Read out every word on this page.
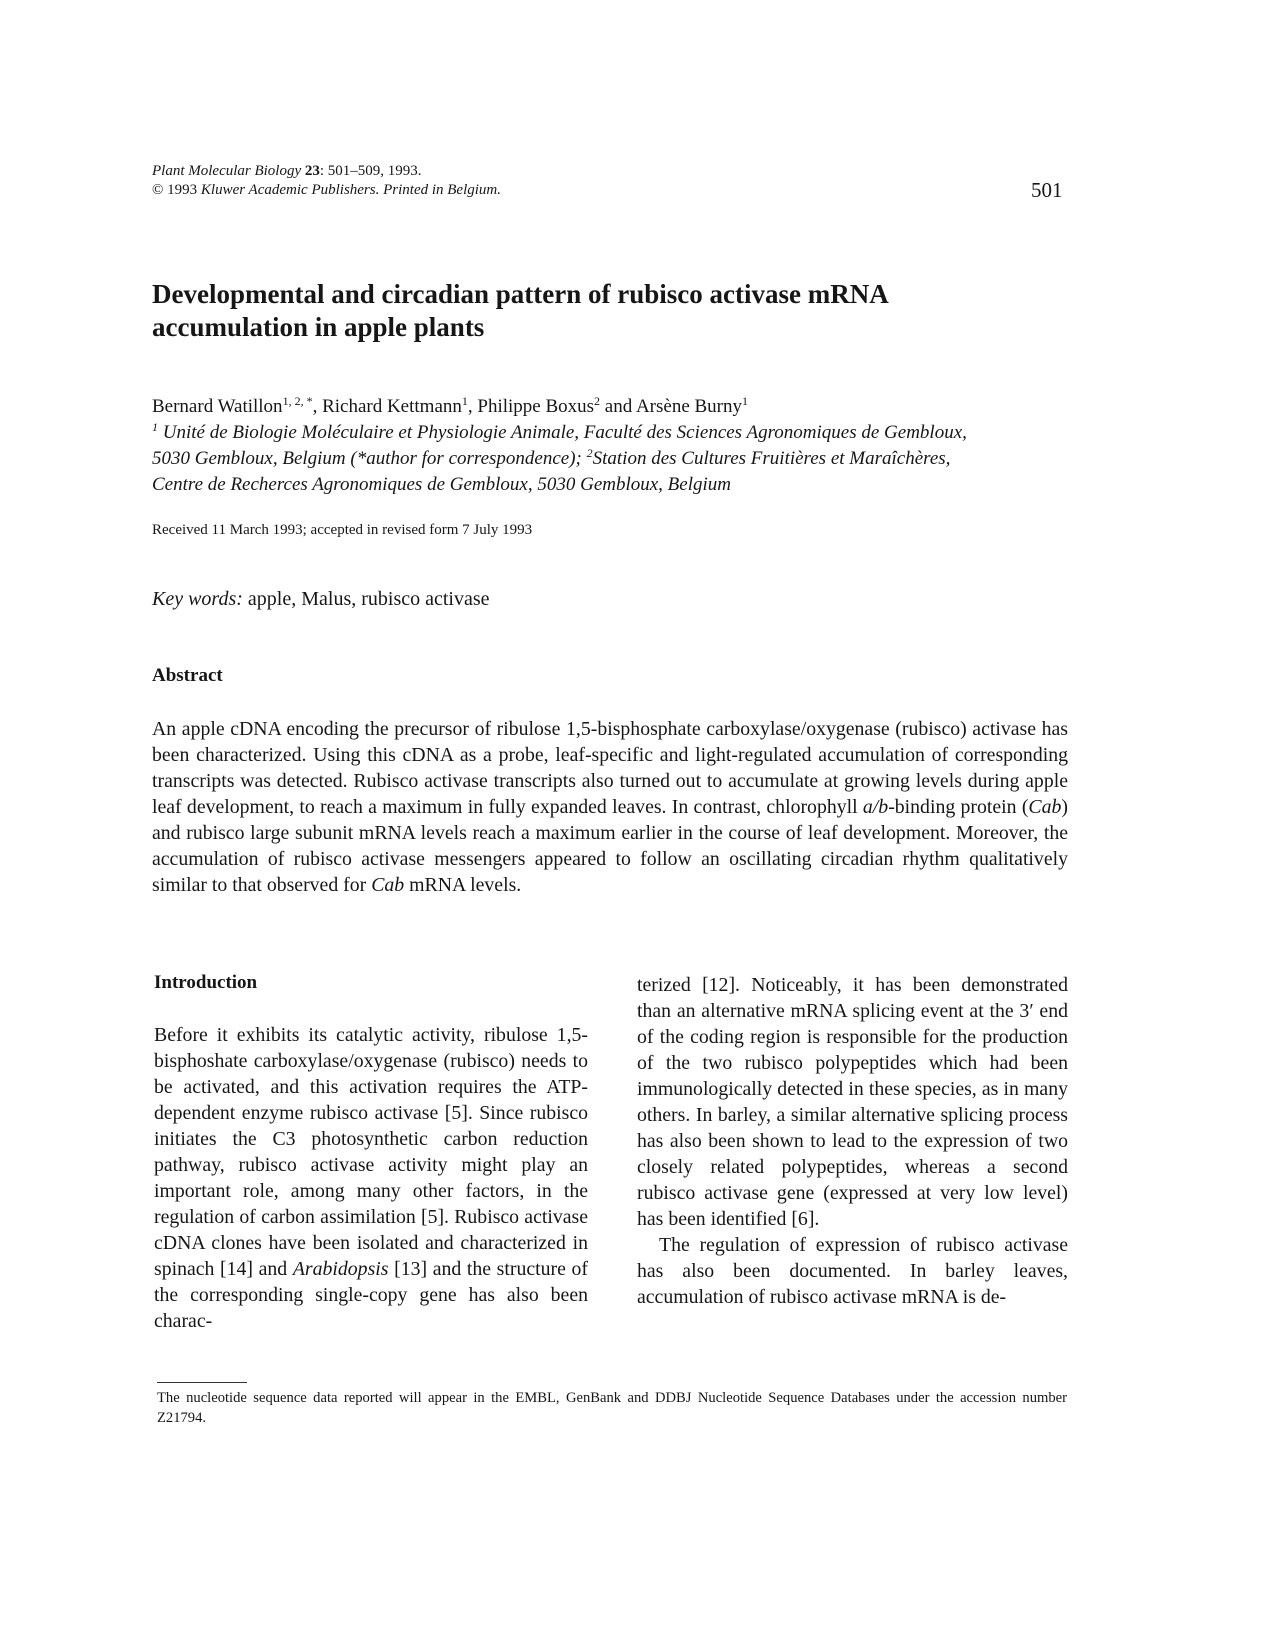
Plant Molecular Biology 23: 501–509, 1993.
© 1993 Kluwer Academic Publishers. Printed in Belgium.	501
Developmental and circadian pattern of rubisco activase mRNA
accumulation in apple plants
Bernard Watillon$^{1, 2, *}$, Richard Kettmann$^1$, Philippe Boxus$^2$ and Arsène Burny$^1$
$^1$ Unité de Biologie Moléculaire et Physiologie Animale, Faculté des Sciences Agronomiques de Gembloux,
5030 Gembloux, Belgium (*author for correspondence); $^2$Station des Cultures Fruitières et Maraîchères,
Centre de Recherces Agronomiques de Gembloux, 5030 Gembloux, Belgium
Received 11 March 1993; accepted in revised form 7 July 1993
Key words: apple, Malus, rubisco activase
Abstract

An apple cDNA encoding the precursor of ribulose 1,5-bisphosphate carboxylase/oxygenase (rubisco) activase has been characterized. Using this cDNA as a probe, leaf-specific and light-regulated accumulation of corresponding transcripts was detected. Rubisco activase transcripts also turned out to accumulate at growing levels during apple leaf development, to reach a maximum in fully expanded leaves. In contrast, chlorophyll a/b-binding protein (Cab) and rubisco large subunit mRNA levels reach a maximum earlier in the course of leaf development. Moreover, the accumulation of rubisco activase messengers appeared to follow an oscillating circadian rhythm qualitatively similar to that observed for Cab mRNA levels.

Introduction

Before it exhibits its catalytic activity, ribulose 1,5-bisphoshate carboxylase/oxygenase (rubisco) needs to be activated, and this activation requires the ATP-dependent enzyme rubisco activase [5]. Since rubisco initiates the C3 photosynthetic carbon reduction pathway, rubisco activase activity might play an important role, among many other factors, in the regulation of carbon assimilation [5]. Rubisco activase cDNA clones have been isolated and characterized in spinach [14] and Arabidopsis [13] and the structure of the corresponding single-copy gene has also been charac-

terized [12]. Noticeably, it has been demonstrated than an alternative mRNA splicing event at the 3′ end of the coding region is responsible for the production of the two rubisco polypeptides which had been immunologically detected in these species, as in many others. In barley, a similar alternative splicing process has also been shown to lead to the expression of two closely related polypeptides, whereas a second rubisco activase gene (expressed at very low level) has been identified [6].

The regulation of expression of rubisco activase has also been documented. In barley leaves, accumulation of rubisco activase mRNA is de-

The nucleotide sequence data reported will appear in the EMBL, GenBank and DDBJ Nucleotide Sequence Databases under the accession number Z21794.
